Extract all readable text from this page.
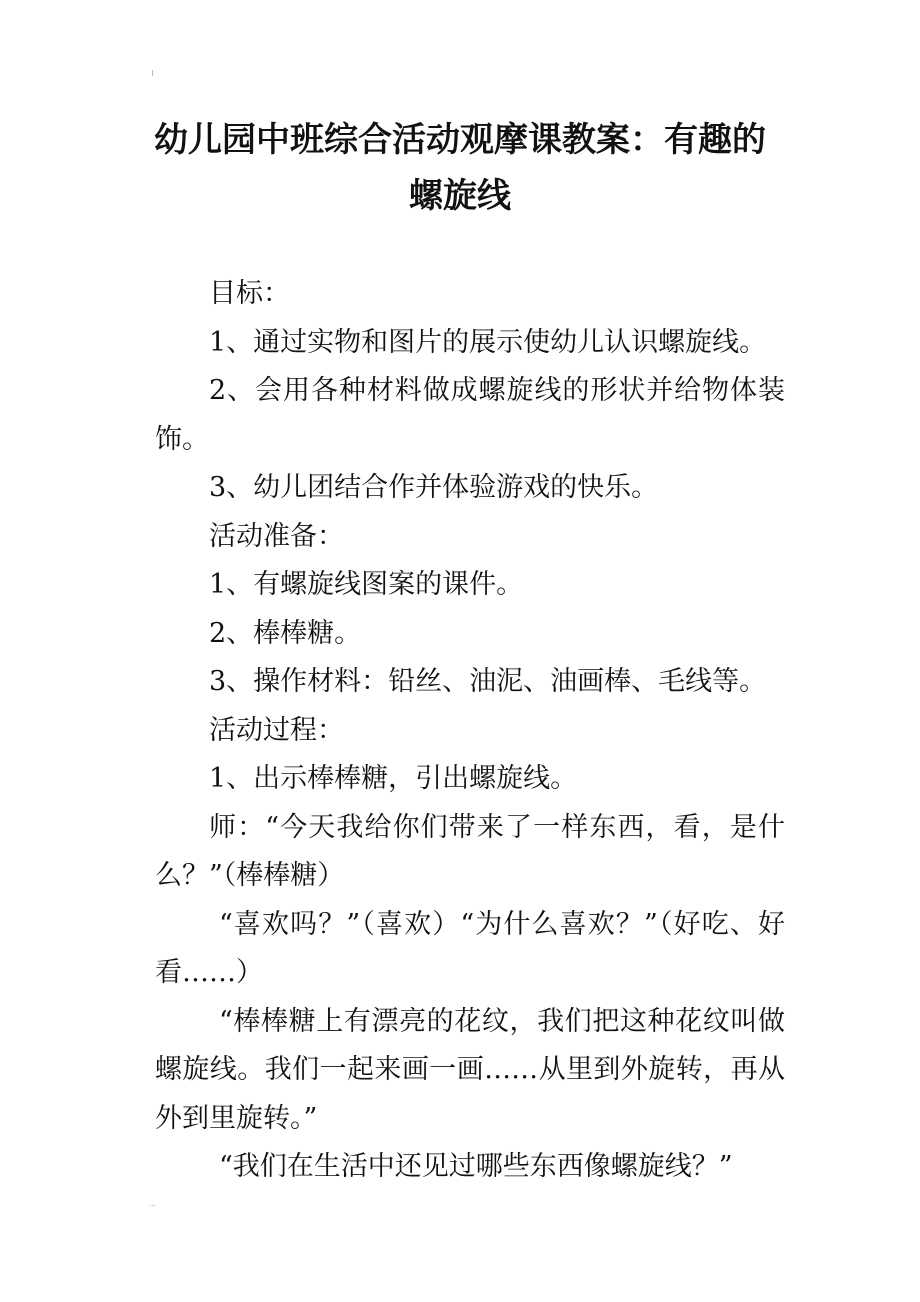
幼儿园中班综合活动观摩课教案：有趣的螺旋线

目标：

1、通过实物和图片的展示使幼儿认识螺旋线。

2、会用各种材料做成螺旋线的形状并给物体装饰。

3、幼儿团结合作并体验游戏的快乐。

活动准备：

1、有螺旋线图案的课件。

2、棒棒糖。

3、操作材料：铅丝、油泥、油画棒、毛线等。

活动过程：

1、出示棒棒糖，引出螺旋线。

师：“今天我给你们带来了一样东西，看，是什么？”（棒棒糖）

“喜欢吗？”（喜欢）“为什么喜欢？”（好吃、好看……）

“棒棒糖上有漂亮的花纹，我们把这种花纹叫做螺旋线。我们一起来画一画……从里到外旋转，再从外到里旋转。”

“我们在生活中还见过哪些东西像螺旋线？”
